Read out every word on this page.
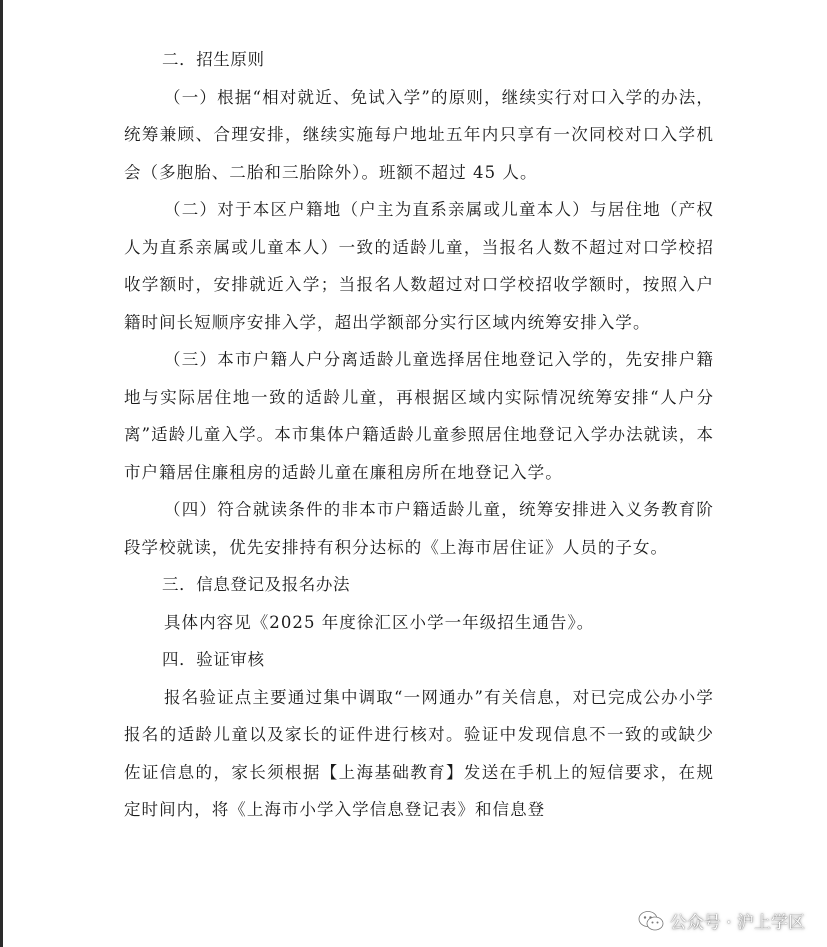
二．招生原则

（一）根据“相对就近、免试入学”的原则，继续实行对口入学的办法，统筹兼顾、合理安排，继续实施每户地址五年内只享有一次同校对口入学机会（多胞胎、二胎和三胎除外）。班额不超过 45 人。

（二）对于本区户籍地（户主为直系亲属或儿童本人）与居住地（产权人为直系亲属或儿童本人）一致的适龄儿童，当报名人数不超过对口学校招收学额时，安排就近入学；当报名人数超过对口学校招收学额时，按照入户籍时间长短顺序安排入学，超出学额部分实行区域内统筹安排入学。

（三）本市户籍人户分离适龄儿童选择居住地登记入学的，先安排户籍地与实际居住地一致的适龄儿童，再根据区域内实际情况统筹安排“人户分离”适龄儿童入学。本市集体户籍适龄儿童参照居住地登记入学办法就读，本市户籍居住廉租房的适龄儿童在廉租房所在地登记入学。

（四）符合就读条件的非本市户籍适龄儿童，统筹安排进入义务教育阶段学校就读，优先安排持有积分达标的《上海市居住证》人员的子女。

三．信息登记及报名办法

具体内容见《2025 年度徐汇区小学一年级招生通告》。

四．验证审核

报名验证点主要通过集中调取“一网通办”有关信息，对已完成公办小学报名的适龄儿童以及家长的证件进行核对。验证中发现信息不一致的或缺少佐证信息的，家长须根据【上海基础教育】发送在手机上的短信要求，在规定时间内，将《上海市小学入学信息登记表》和信息登

公众号 · 沪上学区
